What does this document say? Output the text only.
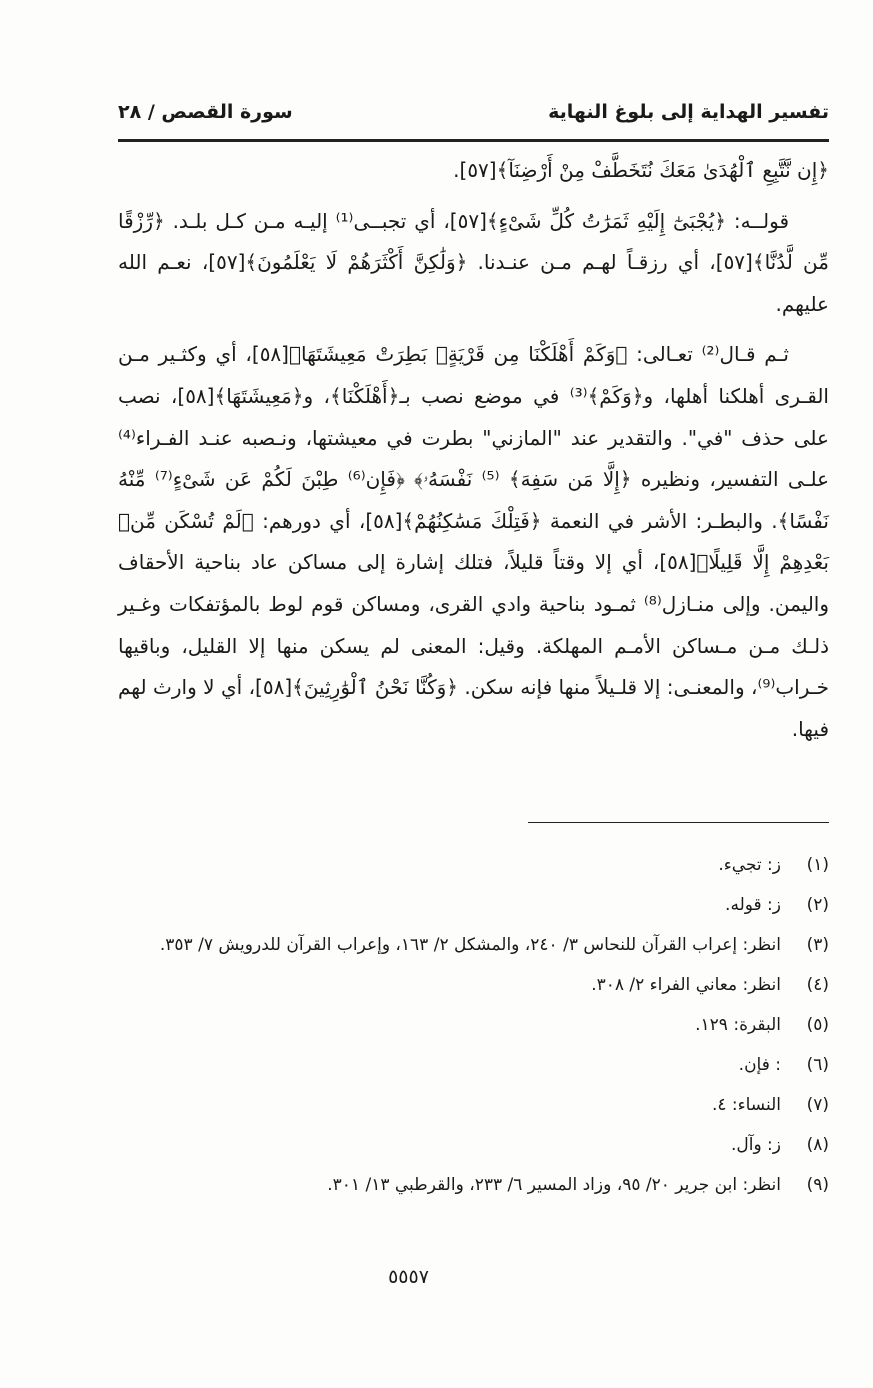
تفسير الهداية إلى بلوغ النهاية
سورة القصص / ٢٨

﴿إِن نَّتَّبِعِ ٱلْهُدَىٰ مَعَكَ نُتَخَطَّفْ مِنْ أَرْضِنَآ﴾[٥٧].

قولــه: ﴿يُجْبَىٰٓ إِلَيْهِ ثَمَرَٰتُ كُلِّ شَىْءٍ﴾[٥٧]، أي تجبــى⁽¹⁾ إليـه مـن كـل بلـد. ﴿رِّزْقًا مِّن لَّدُنَّا﴾[٥٧]، أي رزقـاً لهـم مـن عنـدنا. ﴿وَلَٰكِنَّ أَكْثَرَهُمْ لَا يَعْلَمُونَ﴾[٥٧]، نعـم الله عليهم.

ثـم قـال⁽²⁾ تعـالى: ﴿وَكَمْ أَهْلَكْنَا مِن قَرْيَةٍۭ بَطِرَتْ مَعِيشَتَهَا﴾[٥٨]، أي وكثـير مـن القـرى أهلكنا أهلها، و﴿وَكَمْ﴾⁽³⁾ في موضع نصب بـ﴿أَهْلَكْنَا﴾، و﴿مَعِيشَتَهَا﴾[٥٨]، نصب على حذف "في". والتقدير عند "المازني" بطرت في معيشتها، ونـصبه عنـد الفـراء⁽⁴⁾ علـى التفسير، ونظيره ﴿إِلَّا مَن سَفِهَ﴾ ⁽⁵⁾ نَفْسَهُۥ﴾ ﴿فَإِن⁽⁶⁾ طِبْنَ لَكُمْ عَن شَىْءٍ⁽⁷⁾ مِّنْهُ نَفْسًا﴾. والبطـر: الأشر في النعمة ﴿فَتِلْكَ مَسَٰكِنُهُمْ﴾[٥٨]، أي دورهم: ﴿لَمْ تُسْكَن مِّنۢ بَعْدِهِمْ إِلَّا قَلِيلًا﴾[٥٨]، أي إلا وقتاً قليلاً، فتلك إشارة إلى مساكن عاد بناحية الأحقاف واليمن. وإلى منـازل⁽⁸⁾ ثمـود بناحية وادي القرى، ومساكن قوم لوط بالمؤتفكات وغـير ذلـك مـن مـساكن الأمـم المهلكة. وقيل: المعنى لم يسكن منها إلا القليل، وباقيها خـراب⁽⁹⁾، والمعنـى: إلا قلـيلاً منها فإنه سكن. ﴿وَكُنَّا نَحْنُ ٱلْوَٰرِثِينَ﴾[٥٨]، أي لا وارث لهم فيها.

(١)
ز: تجيء.
(٢)
ز: قوله.
(٣)
انظر: إعراب القرآن للنحاس ٣/ ٢٤٠، والمشكل ٢/ ١٦٣، وإعراب القرآن للدرويش ٧/ ٣٥٣.
(٤)
انظر: معاني الفراء ٢/ ٣٠٨.
(٥)
البقرة: ١٢٩.
(٦)
: فإن.
(٧)
النساء: ٤.
(٨)
ز: وآل.
(٩)
انظر: ابن جرير ٢٠/ ٩٥، وزاد المسير ٦/ ٢٣٣، والقرطبي ١٣/ ٣٠١.
٥٥٥٧
